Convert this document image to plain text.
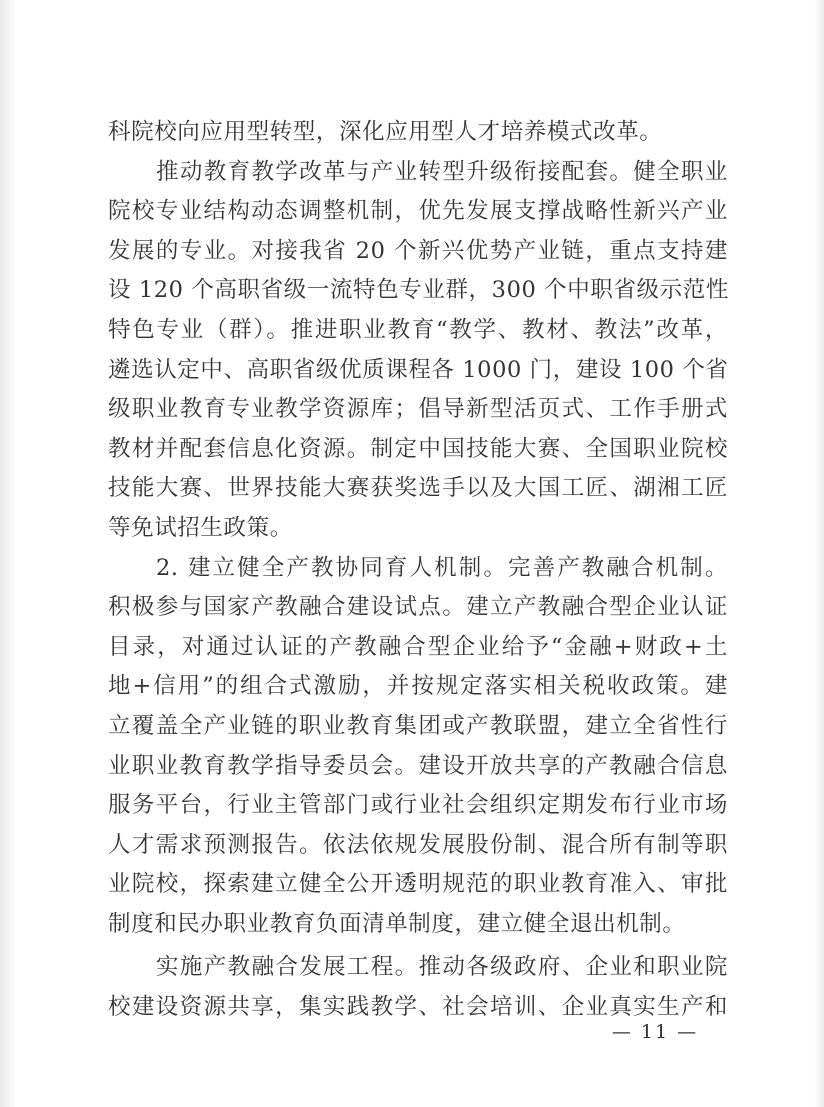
科院校向应用型转型，深化应用型人才培养模式改革。
推动教育教学改革与产业转型升级衔接配套。健全职业
院校专业结构动态调整机制，优先发展支撑战略性新兴产业
发展的专业。对接我省 20 个新兴优势产业链，重点支持建
设 120 个高职省级一流特色专业群，300 个中职省级示范性
特色专业（群）。推进职业教育“教学、教材、教法”改革，
遴选认定中、高职省级优质课程各 1000 门，建设 100 个省
级职业教育专业教学资源库；倡导新型活页式、工作手册式
教材并配套信息化资源。制定中国技能大赛、全国职业院校
技能大赛、世界技能大赛获奖选手以及大国工匠、湖湘工匠
等免试招生政策。
2. 建立健全产教协同育人机制。完善产教融合机制。
积极参与国家产教融合建设试点。建立产教融合型企业认证
目录，对通过认证的产教融合型企业给予“金融+财政+土
地+信用”的组合式激励，并按规定落实相关税收政策。建
立覆盖全产业链的职业教育集团或产教联盟，建立全省性行
业职业教育教学指导委员会。建设开放共享的产教融合信息
服务平台，行业主管部门或行业社会组织定期发布行业市场
人才需求预测报告。依法依规发展股份制、混合所有制等职
业院校，探索建立健全公开透明规范的职业教育准入、审批
制度和民办职业教育负面清单制度，建立健全退出机制。
实施产教融合发展工程。推动各级政府、企业和职业院
校建设资源共享，集实践教学、社会培训、企业真实生产和
— 11 —
